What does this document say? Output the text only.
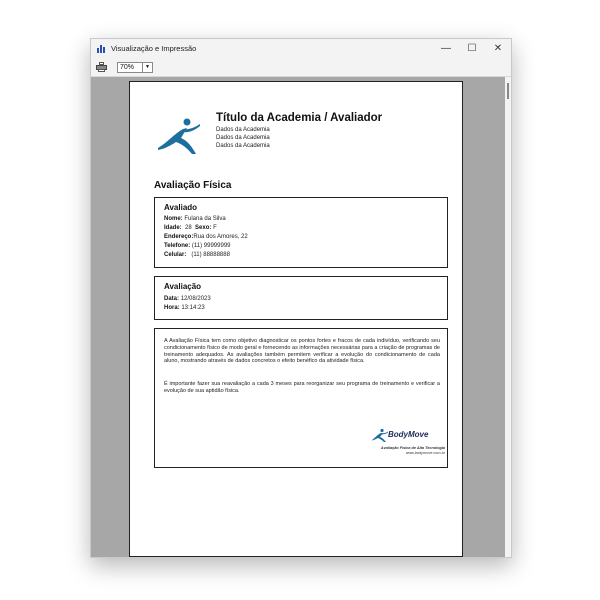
Visualização e Impressão	—	☐	✕
70%	▼
Título da Academia / Avaliador
Dados da Academia
Dados da Academia
Dados da Academia
Avaliação Física
Avaliado
Nome: Fulana da Silva
Idade: 28 Sexo: F
Endereço:Rua dos Amores, 22
Telefone: (11) 99999999
Celular: (11) 88888888
Avaliação
Data: 12/08/2023
Hora: 13:14:23
A Avaliação Física tem como objetivo diagnosticar os pontos fortes e fracos de cada indivíduo, verificando seu condicionamento físico de modo geral e fornecendo as informações necessárias para a criação de programas de treinamento adequados. As avaliações também permitem verificar a evolução do condicionamento de cada aluno, mostrando através de dados concretos o efeito benéfico da atividade física.
É importante fazer sua reavaliação a cada 3 meses para reorganizar seu programa de treinamento e verificar a evolução de sua aptidão física.
BodyMove
Avaliação Física de Alta Tecnologia
www.bodymove.com.br
